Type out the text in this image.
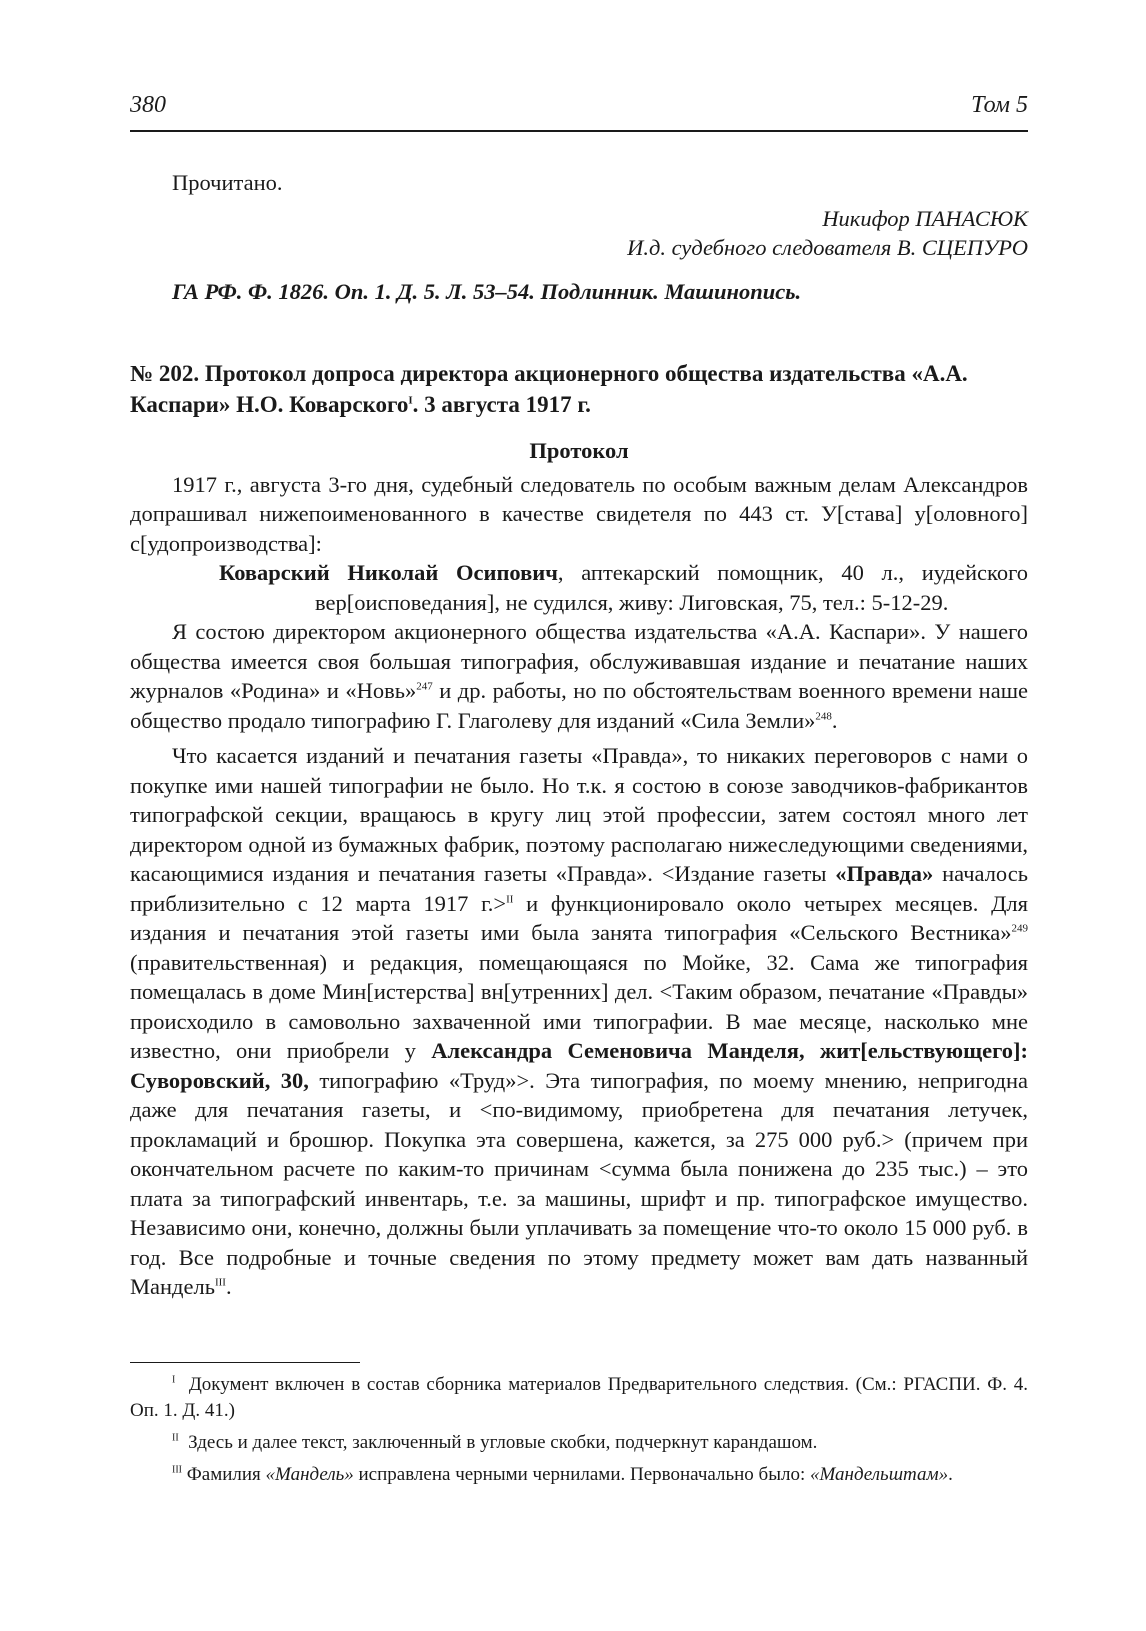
380	Том 5

Прочитано.

Никифор ПАНАСЮК

И.д. судебного следователя В. СЦЕПУРО

ГА РФ. Ф. 1826. Оп. 1. Д. 5. Л. 53–54. Подлинник. Машинопись.

№ 202. Протокол допроса директора акционерного общества издательства «А.А. Каспари» Н.О. Коварского$^I$. 3 августа 1917 г.

Протокол

1917 г., августа 3-го дня, судебный следователь по особым важным делам Александров допрашивал нижепоименованного в качестве свидетеля по 443 ст. У[става] у[оловного] с[удопроизводства]:

Коварский Николай Осипович, аптекарский помощник, 40 л., иудейского вер[оисповедания], не судился, живу: Лиговская, 75, тел.: 5-12-29.

Я состою директором акционерного общества издательства «А.А. Каспари». У нашего общества имеется своя большая типография, обслуживавшая издание и печатание наших журналов «Родина» и «Новь»$^{247}$ и др. работы, но по обстоятельствам военного времени наше общество продало типографию Г. Глаголеву для изданий «Сила Земли»$^{248}$.

Что касается изданий и печатания газеты «Правда», то никаких переговоров с нами о покупке ими нашей типографии не было. Но т.к. я состою в союзе заводчиков-фабрикантов типографской секции, вращаюсь в кругу лиц этой профессии, затем состоял много лет директором одной из бумажных фабрик, поэтому располагаю нижеследующими сведениями, касающимися издания и печатания газеты «Правда». <Издание газеты «Правда» началось приблизительно с 12 марта 1917 г.>$^{II}$ и функционировало около четырех месяцев. Для издания и печатания этой газеты ими была занята типография «Сельского Вестника»$^{249}$ (правительственная) и редакция, помещающаяся по Мойке, 32. Сама же типография помещалась в доме Мин[истерства] вн[утренних] дел. <Таким образом, печатание «Правды» происходило в самовольно захваченной ими типографии. В мае месяце, насколько мне известно, они приобрели у Александра Семеновича Манделя, жит[ельствующего]: Суворовский, 30, типографию «Труд»>. Эта типография, по моему мнению, непригодна даже для печатания газеты, и <по-видимому, приобретена для печатания летучек, прокламаций и брошюр. Покупка эта совершена, кажется, за 275 000 руб.> (причем при окончательном расчете по каким-то причинам <сумма была понижена до 235 тыс.) – это плата за типографский инвентарь, т.е. за машины, шрифт и пр. типографское имущество. Независимо они, конечно, должны были уплачивать за помещение что-то около 15 000 руб. в год. Все подробные и точные сведения по этому предмету может вам дать названный Мандель$^{III}$.

$^I$ Документ включен в состав сборника материалов Предварительного следствия. (См.: РГАСПИ. Ф. 4. Оп. 1. Д. 41.)

$^{II}$ Здесь и далее текст, заключенный в угловые скобки, подчеркнут карандашом.

$^{III}$ Фамилия «Мандель» исправлена черными чернилами. Первоначально было: «Мандельштам».
